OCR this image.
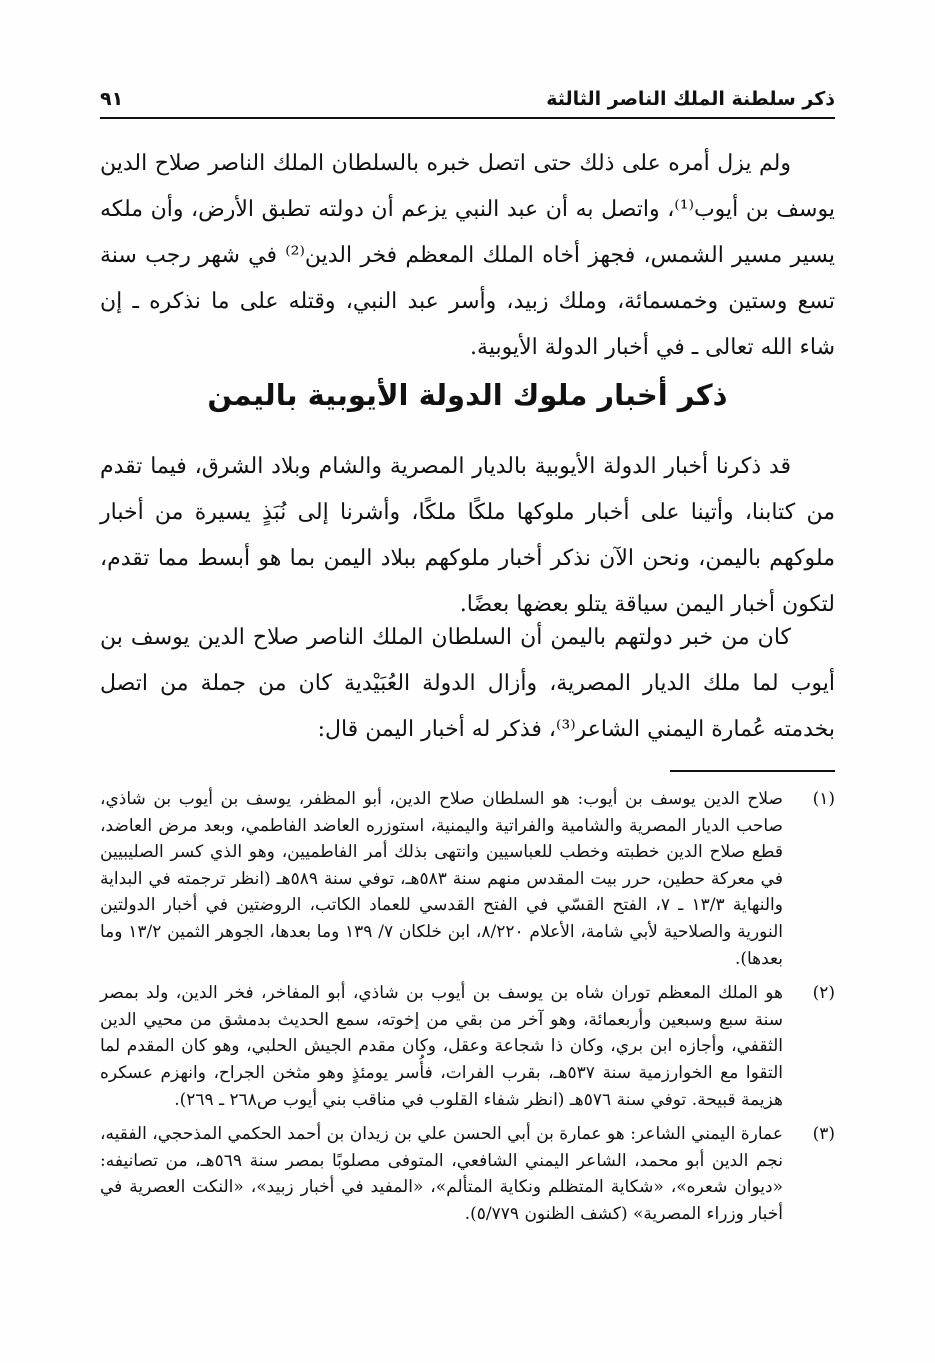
ذكر سلطنة الملك الناصر الثالثة
٩١

ولم يزل أمره على ذلك حتى اتصل خبره بالسلطان الملك الناصر صلاح الدين يوسف بن أيوب⁽¹⁾، واتصل به أن عبد النبي يزعم أن دولته تطبق الأرض، وأن ملكه يسير مسير الشمس، فجهز أخاه الملك المعظم فخر الدين⁽²⁾ في شهر رجب سنة تسع وستين وخمسمائة، وملك زبيد، وأسر عبد النبي، وقتله على ما نذكره ـ إن شاء الله تعالى ـ في أخبار الدولة الأيوبية.

ذكر أخبار ملوك الدولة الأيوبية باليمن

قد ذكرنا أخبار الدولة الأيوبية بالديار المصرية والشام وبلاد الشرق، فيما تقدم من كتابنا، وأتينا على أخبار ملوكها ملكًا ملكًا، وأشرنا إلى نُبَذٍ يسيرة من أخبار ملوكهم باليمن، ونحن الآن نذكر أخبار ملوكهم ببلاد اليمن بما هو أبسط مما تقدم، لتكون أخبار اليمن سياقة يتلو بعضها بعضًا.

كان من خبر دولتهم باليمن أن السلطان الملك الناصر صلاح الدين يوسف بن أيوب لما ملك الديار المصرية، وأزال الدولة العُبَيْدية كان من جملة من اتصل بخدمته عُمارة اليمني الشاعر⁽³⁾، فذكر له أخبار اليمن قال:

(١)
صلاح الدين يوسف بن أيوب: هو السلطان صلاح الدين، أبو المظفر، يوسف بن أيوب بن شاذي، صاحب الديار المصرية والشامية والفراتية واليمنية، استوزره العاضد الفاطمي، وبعد مرض العاضد، قطع صلاح الدين خطبته وخطب للعباسيين وانتهى بذلك أمر الفاطميين، وهو الذي كسر الصليبيين في معركة حطين، حرر بيت المقدس منهم سنة ٥٨٣هـ، توفي سنة ٥٨٩هـ (انظر ترجمته في البداية والنهاية ١٣/٣ ـ ٧، الفتح القسّي في الفتح القدسي للعماد الكاتب، الروضتين في أخبار الدولتين النورية والصلاحية لأبي شامة، الأعلام ٨/٢٢٠، ابن خلكان ٧/ ١٣٩ وما بعدها، الجوهر الثمين ١٣/٢ وما بعدها).
(٢)
هو الملك المعظم توران شاه بن يوسف بن أيوب بن شاذي، أبو المفاخر، فخر الدين، ولد بمصر سنة سبع وسبعين وأربعمائة، وهو آخر من بقي من إخوته، سمع الحديث بدمشق من محيي الدين الثقفي، وأجازه ابن بري، وكان ذا شجاعة وعقل، وكان مقدم الجيش الحلبي، وهو كان المقدم لما التقوا مع الخوارزمية سنة ٥٣٧هـ، بقرب الفرات، فأُسر يومئذٍ وهو مثخن الجراح، وانهزم عسكره هزيمة قبيحة. توفي سنة ٥٧٦هـ (انظر شفاء القلوب في مناقب بني أيوب ص٢٦٨ ـ ٢٦٩).
(٣)
عمارة اليمني الشاعر: هو عمارة بن أبي الحسن علي بن زيدان بن أحمد الحكمي المذحجي، الفقيه، نجم الدين أبو محمد، الشاعر اليمني الشافعي، المتوفى مصلوبًا بمصر سنة ٥٦٩هـ، من تصانيفه: «ديوان شعره»، «شكاية المتظلم ونكاية المتألم»، «المفيد في أخبار زبيد»، «النكت العصرية في أخبار وزراء المصرية» (كشف الظنون ٥/٧٧٩).
